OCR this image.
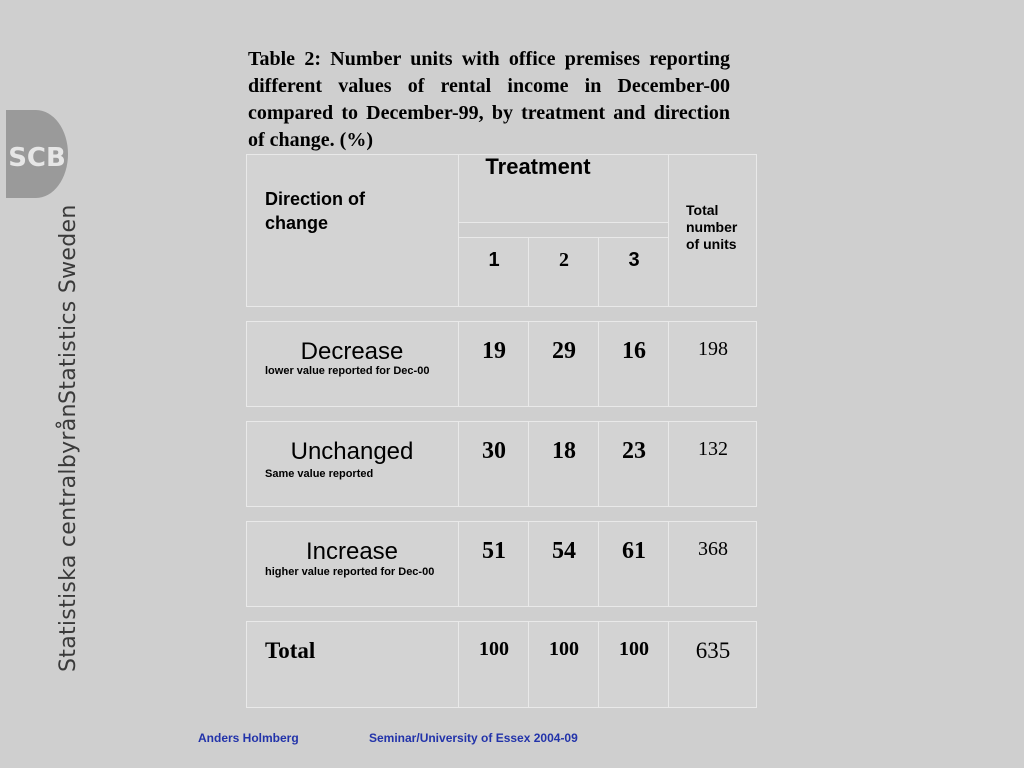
SCB
Statistics Sweden
Statistiska centralbyrån
Table 2: Number units with office premises reporting different values of rental income in December-00 compared to December-99, by treatment and direction of change. (%)
Direction of change
Treatment
1	2	3
Total number of units
Decrease
lower value reported for Dec-00
19	29	16	198
Unchanged
Same value reported
30	18	23	132
Increase
higher value reported for Dec-00
51	54	61	368
Total	100	100	100	635
Anders Holmberg	Seminar/University of Essex 2004-09
